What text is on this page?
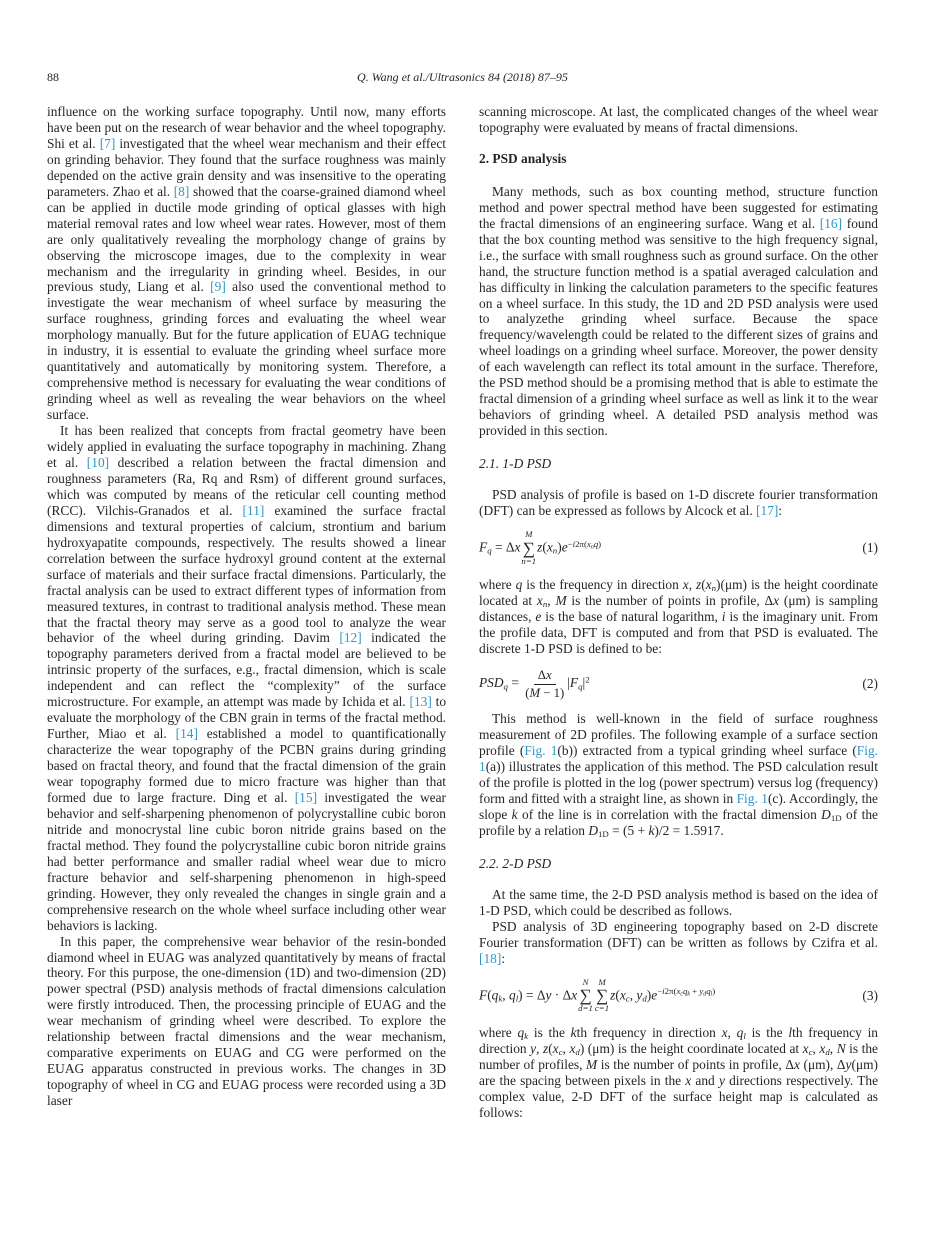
88	Q. Wang et al./Ultrasonics 84 (2018) 87–95

influence on the working surface topography. Until now, many efforts have been put on the research of wear behavior and the wheel topography. Shi et al. [7] investigated that the wheel wear mechanism and their effect on grinding behavior. They found that the surface roughness was mainly depended on the active grain density and was insensitive to the operating parameters. Zhao et al. [8] showed that the coarse-grained diamond wheel can be applied in ductile mode grinding of optical glasses with high material removal rates and low wheel wear rates. However, most of them are only qualitatively revealing the morphology change of grains by observing the microscope images, due to the complexity in wear mechanism and the irregularity in grinding wheel. Besides, in our previous study, Liang et al. [9] also used the conventional method to investigate the wear mechanism of wheel surface by measuring the surface roughness, grinding forces and evaluating the wheel wear morphology manually. But for the future application of EUAG technique in industry, it is essential to evaluate the grinding wheel surface more quantitatively and automatically by monitoring system. Therefore, a comprehensive method is necessary for evaluating the wear conditions of grinding wheel as well as revealing the wear behaviors on the wheel surface.

It has been realized that concepts from fractal geometry have been widely applied in evaluating the surface topography in machining. Zhang et al. [10] described a relation between the fractal dimension and roughness parameters (Ra, Rq and Rsm) of different ground surfaces, which was computed by means of the reticular cell counting method (RCC). Vilchis-Granados et al. [11] examined the surface fractal dimensions and textural properties of calcium, strontium and barium hydroxyapatite compounds, respectively. The results showed a linear correlation between the surface hydroxyl ground content at the external surface of materials and their surface fractal dimensions. Particularly, the fractal analysis can be used to extract different types of information from measured textures, in contrast to traditional analysis method. These mean that the fractal theory may serve as a good tool to analyze the wear behavior of the wheel during grinding. Davim [12] indicated the topography parameters derived from a fractal model are believed to be intrinsic property of the surfaces, e.g., fractal dimension, which is scale independent and can reflect the “complexity” of the surface microstructure. For example, an attempt was made by Ichida et al. [13] to evaluate the morphology of the CBN grain in terms of the fractal method. Further, Miao et al. [14] established a model to quantificationally characterize the wear topography of the PCBN grains during grinding based on fractal theory, and found that the fractal dimension of the grain wear topography formed due to micro fracture was higher than that formed due to large fracture. Ding et al. [15] investigated the wear behavior and self-sharpening phenomenon of polycrystalline cubic boron nitride and monocrystal line cubic boron nitride grains based on the fractal method. They found the polycrystalline cubic boron nitride grains had better performance and smaller radial wheel wear due to micro fracture behavior and self-sharpening phenomenon in high-speed grinding. However, they only revealed the changes in single grain and a comprehensive research on the whole wheel surface including other wear behaviors is lacking.

In this paper, the comprehensive wear behavior of the resin-bonded diamond wheel in EUAG was analyzed quantitatively by means of fractal theory. For this purpose, the one-dimension (1D) and two-dimension (2D) power spectral (PSD) analysis methods of fractal dimensions calculation were firstly introduced. Then, the processing principle of EUAG and the wear mechanism of grinding wheel were described. To explore the relationship between fractal dimensions and the wear mechanism, comparative experiments on EUAG and CG were performed on the EUAG apparatus constructed in previous works. The changes in 3D topography of wheel in CG and EUAG process were recorded using a 3D laser

scanning microscope. At last, the complicated changes of the wheel wear topography were evaluated by means of fractal dimensions.

2. PSD analysis

Many methods, such as box counting method, structure function method and power spectral method have been suggested for estimating the fractal dimensions of an engineering surface. Wang et al. [16] found that the box counting method was sensitive to the high frequency signal, i.e., the surface with small roughness such as ground surface. On the other hand, the structure function method is a spatial averaged calculation and has difficulty in linking the calculation parameters to the specific features on a wheel surface. In this study, the 1D and 2D PSD analysis were used to analyzethe grinding wheel surface. Because the space frequency/wavelength could be related to the different sizes of grains and wheel loadings on a grinding wheel surface. Moreover, the power density of each wavelength can reflect its total amount in the surface. Therefore, the PSD method should be a promising method that is able to estimate the fractal dimension of a grinding wheel surface as well as link it to the wear behaviors of grinding wheel. A detailed PSD analysis method was provided in this section.

2.1. 1-D PSD

PSD analysis of profile is based on 1-D discrete fourier transformation (DFT) can be expressed as follows by Alcock et al. [17]:

$F_q = \Delta x$
M
∑
n=1
$z(x_n)e^{-i2\pi(x_nq)}$	(1)

where q is the frequency in direction x, $z(x_n)(\mu m)$ is the height coordinate located at $x_n$, M is the number of points in profile, Δx (μm) is sampling distances, e is the base of natural logarithm, i is the imaginary unit. From the profile data, DFT is computed and from that PSD is evaluated. The discrete 1-D PSD is defined to be:

$PSD_q = \frac{\Delta x}{(M - 1)} |F_q|^2$	(2)

This method is well-known in the field of surface roughness measurement of 2D profiles. The following example of a surface section profile (Fig. 1(b)) extracted from a typical grinding wheel surface (Fig. 1(a)) illustrates the application of this method. The PSD calculation result of the profile is plotted in the log (power spectrum) versus log (frequency) form and fitted with a straight line, as shown in Fig. 1(c). Accordingly, the slope k of the line is in correlation with the fractal dimension $D_{1D}$ of the profile by a relation $D_{1D} = (5 + k)/2 = 1.5917$.

2.2. 2-D PSD

At the same time, the 2-D PSD analysis method is based on the idea of 1-D PSD, which could be described as follows.

PSD analysis of 3D engineering topography based on 2-D discrete Fourier transformation (DFT) can be written as follows by Czifra et al. [18]:

$F(q_k$, $q_l) = \Delta y \cdot \Delta x$
N
∑
d=1
M
∑
c=1
$z(x_c$, $y_d)e^{-i2\pi(x_cq_k + y_dq_l)}$	(3)

where $q_k$ is the kth frequency in direction x, $q_l$ is the lth frequency in direction y, $z(x_c$, $x_d$) (μm) is the height coordinate located at $x_c$, $x_d$, N is the number of profiles, M is the number of points in profile, Δx (μm), Δy(μm) are the spacing between pixels in the x and y directions respectively. The complex value, 2-D DFT of the surface height map is calculated as follows:
